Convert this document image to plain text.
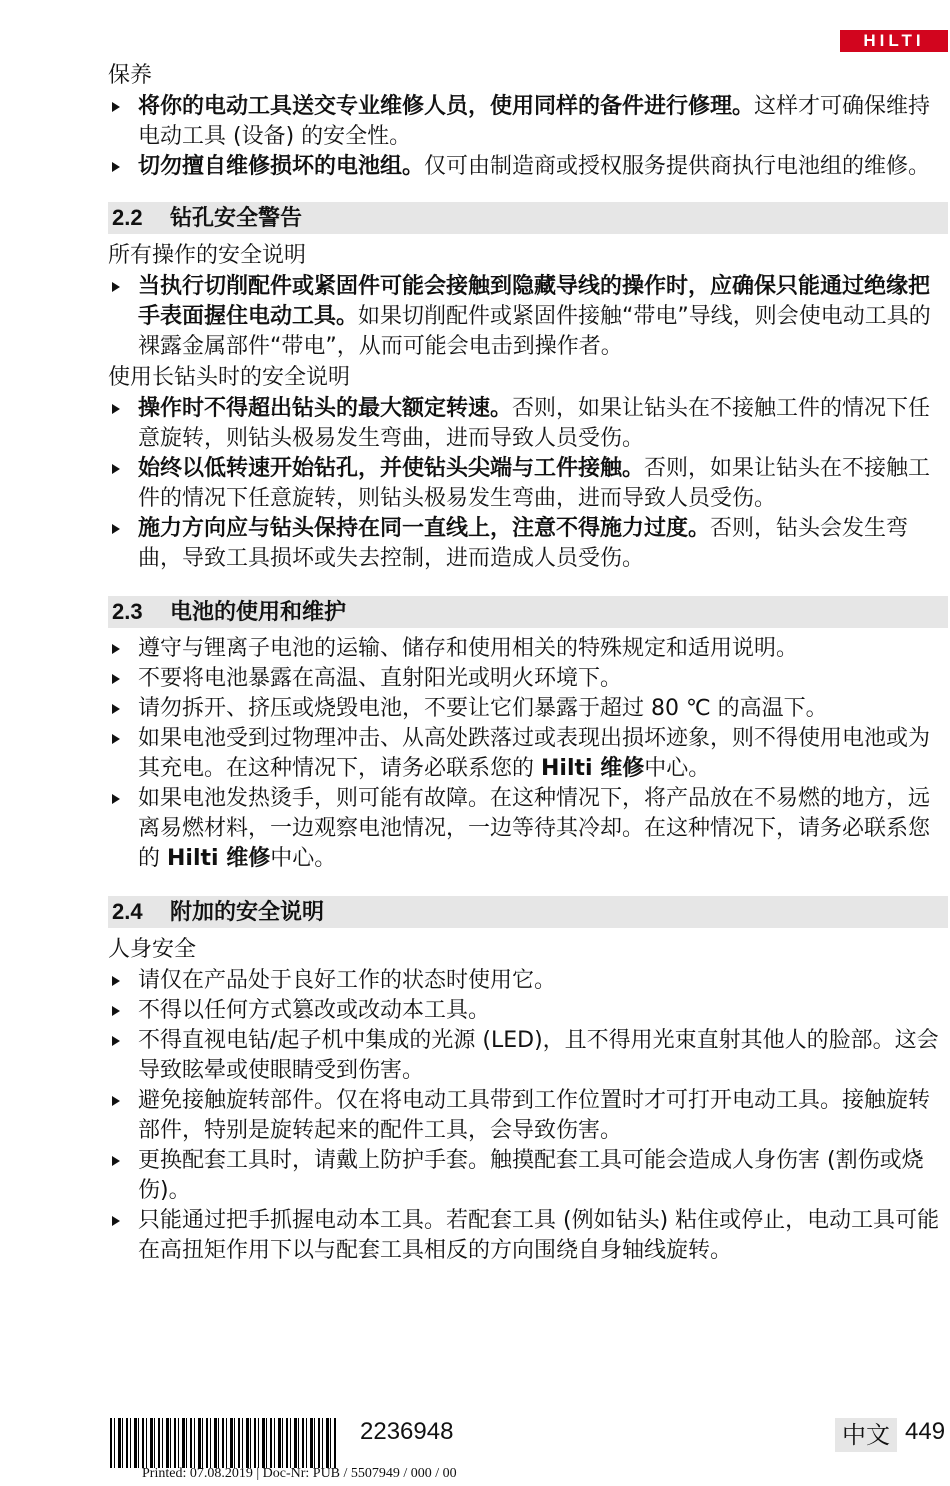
HILTI
保养
将你的电动工具送交专业维修人员，使用同样的备件进行修理。这样才可确保维持电动工具 (设备) 的安全性。
切勿擅自维修损坏的电池组。仅可由制造商或授权服务提供商执行电池组的维修。
2.2 钻孔安全警告
所有操作的安全说明
当执行切削配件或紧固件可能会接触到隐藏导线的操作时，应确保只能通过绝缘把手表面握住电动工具。如果切削配件或紧固件接触“带电”导线，则会使电动工具的裸露金属部件“带电”，从而可能会电击到操作者。
使用长钻头时的安全说明
操作时不得超出钻头的最大额定转速。否则，如果让钻头在不接触工件的情况下任意旋转，则钻头极易发生弯曲，进而导致人员受伤。
始终以低转速开始钻孔，并使钻头尖端与工件接触。否则，如果让钻头在不接触工件的情况下任意旋转，则钻头极易发生弯曲，进而导致人员受伤。
施力方向应与钻头保持在同一直线上，注意不得施力过度。否则，钻头会发生弯曲，导致工具损坏或失去控制，进而造成人员受伤。
2.3 电池的使用和维护
遵守与锂离子电池的运输、储存和使用相关的特殊规定和适用说明。
不要将电池暴露在高温、直射阳光或明火环境下。
请勿拆开、挤压或烧毁电池，不要让它们暴露于超过 80 ℃ 的高温下。
如果电池受到过物理冲击、从高处跌落过或表现出损坏迹象，则不得使用电池或为其充电。在这种情况下，请务必联系您的 Hilti 维修中心。
如果电池发热烫手，则可能有故障。在这种情况下，将产品放在不易燃的地方，远离易燃材料，一边观察电池情况，一边等待其冷却。在这种情况下，请务必联系您的 Hilti 维修中心。
2.4 附加的安全说明
人身安全
请仅在产品处于良好工作的状态时使用它。
不得以任何方式篡改或改动本工具。
不得直视电钻/起子机中集成的光源 (LED)，且不得用光束直射其他人的脸部。这会导致眩晕或使眼睛受到伤害。
避免接触旋转部件。仅在将电动工具带到工作位置时才可打开电动工具。接触旋转部件，特别是旋转起来的配件工具，会导致伤害。
更换配套工具时，请戴上防护手套。触摸配套工具可能会造成人身伤害 (割伤或烧伤)。
只能通过把手抓握电动本工具。若配套工具 (例如钻头) 粘住或停止，电动工具可能在高扭矩作用下以与配套工具相反的方向围绕自身轴线旋转。
2236948	中文 449
Printed: 07.08.2019 | Doc-Nr: PUB / 5507949 / 000 / 00
